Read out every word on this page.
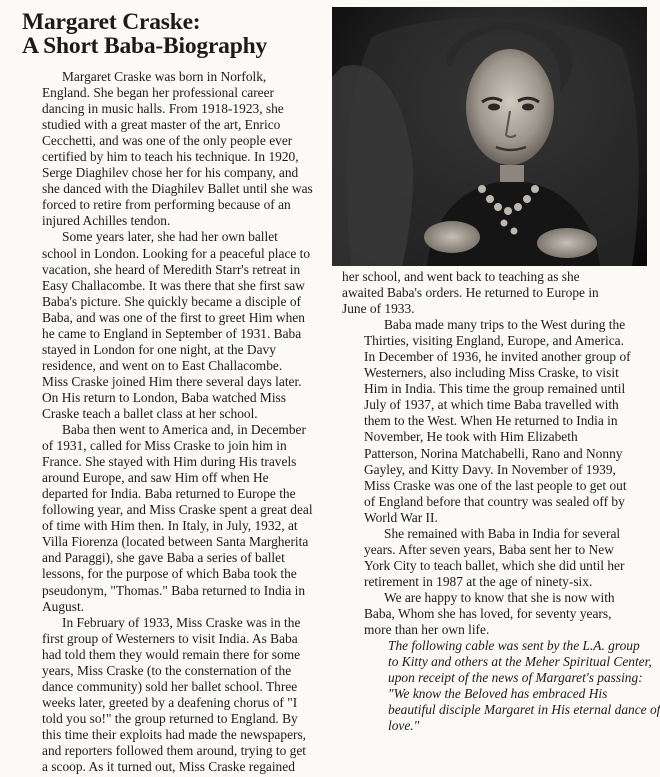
Margaret Craske:
A Short Baba-Biography

Margaret Craske was born in Norfolk,
England. She began her professional career
dancing in music halls. From 1918-1923, she
studied with a great master of the art, Enrico
Cecchetti, and was one of the only people ever
certified by him to teach his technique. In 1920,
Serge Diaghilev chose her for his company, and
she danced with the Diaghilev Ballet until she was
forced to retire from performing because of an
injured Achilles tendon.

Some years later, she had her own ballet
school in London. Looking for a peaceful place to
vacation, she heard of Meredith Starr's retreat in
Easy Challacombe. It was there that she first saw
Baba's picture. She quickly became a disciple of
Baba, and was one of the first to greet Him when
he came to England in September of 1931. Baba
stayed in London for one night, at the Davy
residence, and went on to East Challacombe.
Miss Craske joined Him there several days later.
On His return to London, Baba watched Miss
Craske teach a ballet class at her school.

Baba then went to America and, in December
of 1931, called for Miss Craske to join him in
France. She stayed with Him during His travels
around Europe, and saw Him off when He
departed for India. Baba returned to Europe the
following year, and Miss Craske spent a great deal
of time with Him then. In Italy, in July, 1932, at
Villa Fiorenza (located between Santa Margherita
and Paraggi), she gave Baba a series of ballet
lessons, for the purpose of which Baba took the
pseudonym, "Thomas." Baba returned to India in
August.

In February of 1933, Miss Craske was in the
first group of Westerners to visit India. As Baba
had told them they would remain there for some
years, Miss Craske (to the consternation of the
dance community) sold her ballet school. Three
weeks later, greeted by a deafening chorus of "I
told you so!" the group returned to England. By
this time their exploits had made the newspapers,
and reporters followed them around, trying to get
a scoop. As it turned out, Miss Craske regained

her school, and went back to teaching as she
awaited Baba's orders. He returned to Europe in
June of 1933.

Baba made many trips to the West during the
Thirties, visiting England, Europe, and America.
In December of 1936, he invited another group of
Westerners, also including Miss Craske, to visit
Him in India. This time the group remained until
July of 1937, at which time Baba travelled with
them to the West. When He returned to India in
November, He took with Him Elizabeth
Patterson, Norina Matchabelli, Rano and Nonny
Gayley, and Kitty Davy. In November of 1939,
Miss Craske was one of the last people to get out
of England before that country was sealed off by
World War II.

She remained with Baba in India for several
years. After seven years, Baba sent her to New
York City to teach ballet, which she did until her
retirement in 1987 at the age of ninety-six.

We are happy to know that she is now with
Baba, Whom she has loved, for seventy years,
more than her own life.

The following cable was sent by the L.A. group
to Kitty and others at the Meher Spiritual Center,
upon receipt of the news of Margaret's passing:
"We know the Beloved has embraced His
beautiful disciple Margaret in His eternal dance of
love."
